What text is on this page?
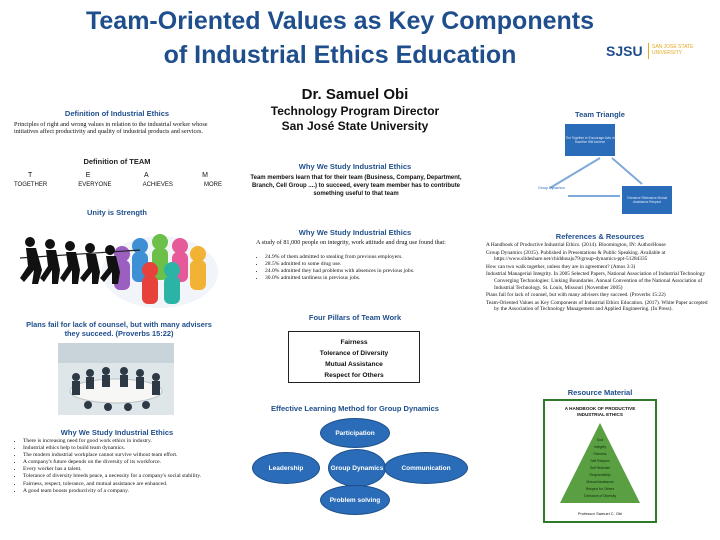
Team-Oriented Values as Key Components
of Industrial Ethics Education	SJSU SAN JOSÉ STATE
UNIVERSITY
Definition of Industrial Ethics
Principles of right and wrong values in relation to the industrial worker whose initiatives affect productivity and quality of industrial products and services.
Definition of TEAM
T	E	A	M
TOGETHER	EVERYONE	ACHIEVES	MORE
Unity is Strength
Plans fail for lack of counsel, but with many advisers they succeed. (Proverbs 15:22)
Why We Study Industrial Ethics
• There is increasing need for good work ethics in industry.
• Industrial ethics help to build team dynamics.
• The modern industrial workplace cannot survive without team effort.
• A company's future depends on the diversity of its workforce.
• Every worker has a talent.
• Tolerance of diversity breeds peace, a necessity for a company's social stability.
• Fairness, respect, tolerance, and mutual assistance are enhanced.
• A good team boosts productivity of a company.
Dr. Samuel Obi
Technology Program Director
San José State University
Why We Study Industrial Ethics
Team members learn that for their team (Business, Company, Department, Branch, Cell Group ....) to succeed, every team member has to contribute something useful to that team
Why We Study Industrial Ethics
A study of 81,000 people on integrity, work attitude and drug use found that:
• 24.9% of them admitted to stealing from previous employers.
• 28.5% admitted to some drug use.
• 24.0% admitted they had problems with absences in previous jobs.
• 30.0% admitted tardiness in previous jobs.
Four Pillars of Team Work
Fairness
Tolerance of Diversity
Mutual Assistance
Respect for Others
Effective Learning Method for Group Dynamics
Participation
Leadership	Group Dynamics	Communication
Problem solving
Team Triangle
The Together to Encourage Acts of Sacrifice Will Achieve
Group Dynamics
Tolerance Relevance Mutual Assistance Respect
References & Resources

A Handbook of Productive Industrial Ethics. (2014). Bloomington, IN: AuthorHouse

Group Dynamics (2015). Published in Presentations & Public Speaking. Available at https://www.slideshare.net/chiddusaju79/group-dynamics-ppt-51284335

How can two walk together, unless they are in agreement? (Amos 3:3)

Industrial Managerial Integrity. In 2005 Selected Papers, National Association of Industrial Technology Converging Technologies: Linking Boundaries. Annual Convention of the National Association of Industrial Technology. St. Louis, Missouri (November 2005)

Plans fail for lack of counsel, but with many advisers they succeed. (Proverbs 15:22)

Team-Oriented Values as Key Components of Industrial Ethics Education. (2017). White Paper accepted by the Association of Technology Management and Applied Engineering. (In Press).

Resource Material
A HANDBOOK OF PRODUCTIVE
INDUSTRIAL ETHICS
God
Integrity
Fairness
Self Respect
Self Restraint
Responsibility
Mutual Assistance
Respect for Others
Tolerance of Diversity
Professor Samuel C. Obi
